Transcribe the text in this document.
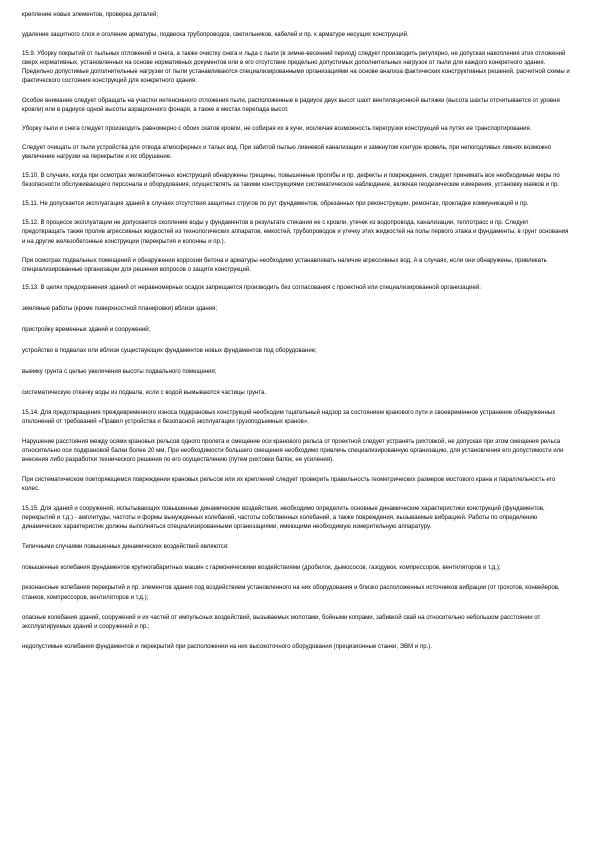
крепление новых элементов, проверка деталей;

удаление защитного слоя и оголение арматуры, подвеска трубопроводов, светильников, кабелей и пр. к арматуре несущих конструкций.

15.9. Уборку покрытий от пыльных отложений и снега, а также очистку снега и льда с пыли (в зимне-весенний период) следует производить регулярно, не допуская накопления этих отложений сверх нормативных, установленных на основе нормативных документов или в его отсутствие предельно допустимых дополнительных нагрузок от пыли для каждого конкретного здания. Предельно допустимые дополнительные нагрузки от пыли устанавливаются специализированными организациями на основе анализа фактических конструктивных решений, расчетной схемы и фактического состояния конструкций для конкретного здания.

Особое внимание следует обращать на участки интенсивного отложения пыли, расположенные в радиусе двух высот шахт вентиляционной вытяжки (высота шахты отсчитывается от уровня кровли) или в радиусе одной высоты аэрационного фонаря, а также в местах перепада высот.

Уборку пыли и снега следует производить равномерно с обоих скатов кровли, не собирая их в кучи, исключая возможность перегрузки конструкций на путях ее транспортирования.

Следует очищать от пыли устройства для отвода атмосферных и талых вод. При забитой пылью ливневой канализации и замкнутом контуре кровель, при непогодливых ливнях возможно увеличение нагрузки на перекрытие и их обрушение.

15.10. В случаях, когда при осмотрах железобетонных конструкций обнаружены трещины, повышенные прогибы и пр. дефекты и повреждения, следует принимать все необходимые меры по безопасности обслуживающего персонала и оборудования, осуществлять за такими конструкциями систематическое наблюдение, включая геодезические измерения, установку маяков и пр.

15.11. Не допускается эксплуатация зданий в случаях отсутствия защитных стругов по рут фундаментов, обрезанных при реконструкции, ремонтах, прокладке коммуникаций и пр.

15.12. В процессе эксплуатации не допускается скопление воды у фундаментов в результате стекания ее с кровли, утечек из водопровода, канализации, теплотрасс и пр. Следует предотвращать также пролив агрессивных жидкостей из технологических аппаратов, емкостей, трубопроводов и утечку этих жидкостей на полы первого этажа и фундаменты, в грунт основания и на другие железобетонные конструкции (перекрытия и колонны и пр.).

При осмотрах подвальных помещений и обнаружении коррозии бетона и арматуры необходимо устанавливать наличие агрессивных вод. А в случаях, если они обнаружены, привлекать специализированные организации для решения вопросов о защите конструкций.

15.13. В целях предохранения зданий от неравномерных осадок запрещается производить без согласования с проектной или специализированной организацией:

земляные работы (кроме поверхностной планировки) вблизи здания;

пристройку временных зданий и сооружений;

устройство в подвалах или вблизи существующих фундаментов новых фундаментов под оборудование;

выемку грунта с целью увеличения высоты подвального помещения;

систематическую откачку воды из подвала, если с водой вымываются частицы грунта.

15.14. Для предотвращения преждевременного износа подкрановых конструкций необходим тщательный надзор за состоянием кранового пути и своевременное устранение обнаруженных отклонений от требований «Правил устройства и безопасной эксплуатации грузоподъемных кранов».

Нарушение расстояния между осями крановых рельсов одного пролета и смещение оси кранового рельса от проектной следует устранять рихтовкой, не допуская при этом смещения рельса относительно оси подкрановой балки более 20 мм. При необходимости большего смещения необходимо привлечь специализированную организацию, для установления его допустимости или внесения либо разработки технического решения по его осуществлению (путем рихтовки балок, ее усиления).

При систематическом повторяющемся повреждении крановых рельсов или их креплений следует проверить правильность геометрических размеров мостового крана и параллельность его колес.

15.15. Для зданий и сооружений, испытывающих повышенные динамические воздействия, необходимо определить основные динамические характеристики конструкций (фундаментов, перекрытий и т.д.) - амплитуды, частоты и формы вынужденных колебаний, частоты собственных колебаний, а также повреждения, вызываемые вибрацией. Работы по определению динамических характеристик должны выполняться специализированными организациями, имеющими необходимую измерительную аппаратуру.

Типичными случаями повышенных динамических воздействий являются:

повышенные колебания фундаментов крупногабаритных машин с гармоническими воздействиями (дробилок, дымососов, газодувок, компрессоров, вентиляторов и т.д.);

резонансные колебания перекрытий и пр. элементов здания под воздействием установленного на них оборудования и близко расположенных источников вибрации (от грохотов, конвейеров, станков, компрессоров, вентиляторов и т.д.);

опасные колебания зданий, сооружений и их частей от импульсных воздействий, вызываемых молотами, бойными копрами, забивкой свай на относительно небольшом расстоянии от эксплуатируемых зданий и сооружений и пр.;

недопустимые колебания фундаментов и перекрытий при расположении на них высокоточного оборудования (прецизионные станки, ЭВМ и пр.).
